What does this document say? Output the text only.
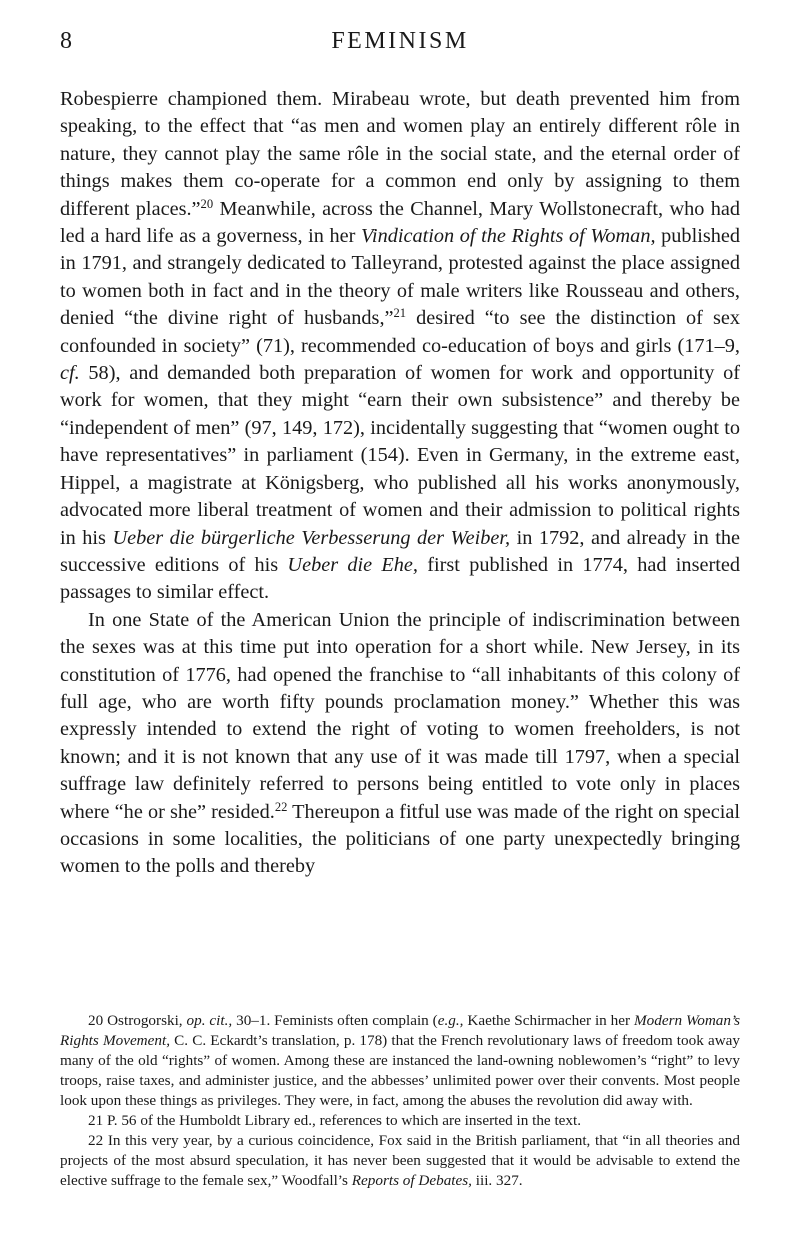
8	FEMINISM

Robespierre championed them. Mirabeau wrote, but death prevented him from speaking, to the effect that “as men and women play an entirely different rôle in nature, they cannot play the same rôle in the social state, and the eternal order of things makes them co-operate for a common end only by assigning to them different places.”$^{20}$ Meanwhile, across the Channel, Mary Wollstonecraft, who had led a hard life as a governess, in her Vindication of the Rights of Woman, published in 1791, and strangely dedicated to Talleyrand, protested against the place assigned to women both in fact and in the theory of male writers like Rousseau and others, denied “the divine right of husbands,”$^{21}$ desired “to see the distinction of sex confounded in society” (71), recommended co-education of boys and girls (171–9, cf. 58), and demanded both preparation of women for work and opportunity of work for women, that they might “earn their own subsistence” and thereby be “independent of men” (97, 149, 172), incidentally suggesting that “women ought to have representatives” in parliament (154). Even in Germany, in the extreme east, Hippel, a magistrate at Königsberg, who published all his works anonymously, advocated more liberal treatment of women and their admission to political rights in his Ueber die bürgerliche Verbesserung der Weiber, in 1792, and already in the successive editions of his Ueber die Ehe, first published in 1774, had inserted passages to similar effect.

In one State of the American Union the principle of indiscrimination between the sexes was at this time put into operation for a short while. New Jersey, in its constitution of 1776, had opened the franchise to “all inhabitants of this colony of full age, who are worth fifty pounds proclamation money.” Whether this was expressly intended to extend the right of voting to women freeholders, is not known; and it is not known that any use of it was made till 1797, when a special suffrage law definitely referred to persons being entitled to vote only in places where “he or she” resided.$^{22}$ Thereupon a fitful use was made of the right on special occasions in some localities, the politicians of one party unexpectedly bringing women to the polls and thereby

20 Ostrogorski, op. cit., 30–1. Feminists often complain (e.g., Kaethe Schirmacher in her Modern Woman’s Rights Movement, C. C. Eckardt’s translation, p. 178) that the French revolutionary laws of freedom took away many of the old “rights” of women. Among these are instanced the land-owning noblewomen’s “right” to levy troops, raise taxes, and administer justice, and the abbesses’ unlimited power over their convents. Most people look upon these things as privileges. They were, in fact, among the abuses the revolution did away with.

21 P. 56 of the Humboldt Library ed., references to which are inserted in the text.

22 In this very year, by a curious coincidence, Fox said in the British parliament, that “in all theories and projects of the most absurd speculation, it has never been suggested that it would be advisable to extend the elective suffrage to the female sex,” Woodfall’s Reports of Debates, iii. 327.
